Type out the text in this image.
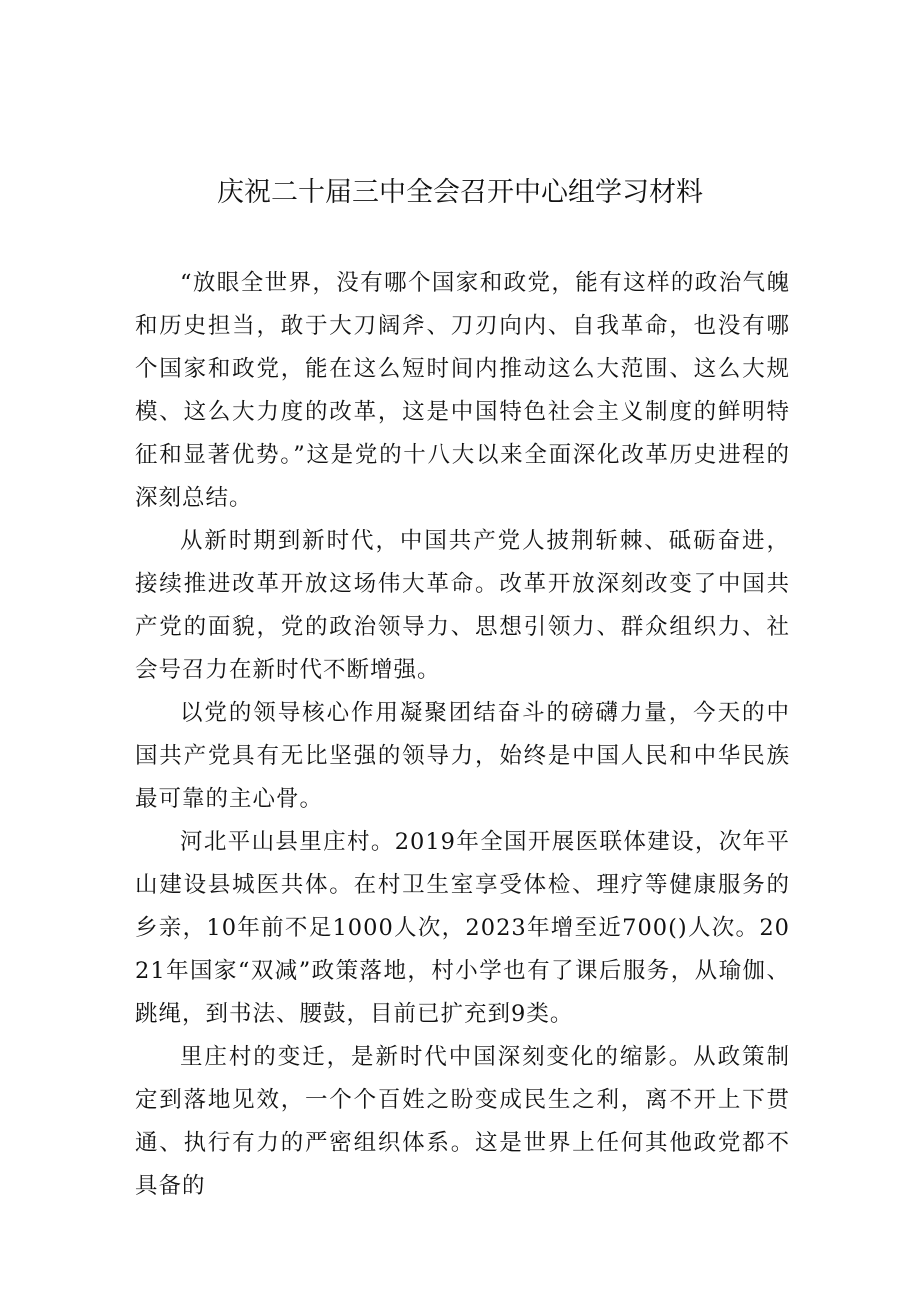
庆祝二十届三中全会召开中心组学习材料

“放眼全世界，没有哪个国家和政党，能有这样的政治气魄和历史担当，敢于大刀阔斧、刀刃向内、自我革命，也没有哪个国家和政党，能在这么短时间内推动这么大范围、这么大规模、这么大力度的改革，这是中国特色社会主义制度的鲜明特征和显著优势。”这是党的十八大以来全面深化改革历史进程的深刻总结。

从新时期到新时代，中国共产党人披荆斩棘、砥砺奋进，接续推进改革开放这场伟大革命。改革开放深刻改变了中国共产党的面貌，党的政治领导力、思想引领力、群众组织力、社会号召力在新时代不断增强。

以党的领导核心作用凝聚团结奋斗的磅礴力量，今天的中国共产党具有无比坚强的领导力，始终是中国人民和中华民族最可靠的主心骨。

河北平山县里庄村。2019年全国开展医联体建设，次年平山建设县城医共体。在村卫生室享受体检、理疗等健康服务的乡亲，10年前不足1000人次，2023年增至近700()人次。2021年国家“双减”政策落地，村小学也有了课后服务，从瑜伽、跳绳，到书法、腰鼓，目前已扩充到9类。

里庄村的变迁，是新时代中国深刻变化的缩影。从政策制定到落地见效，一个个百姓之盼变成民生之利，离不开上下贯通、执行有力的严密组织体系。这是世界上任何其他政党都不具备的
